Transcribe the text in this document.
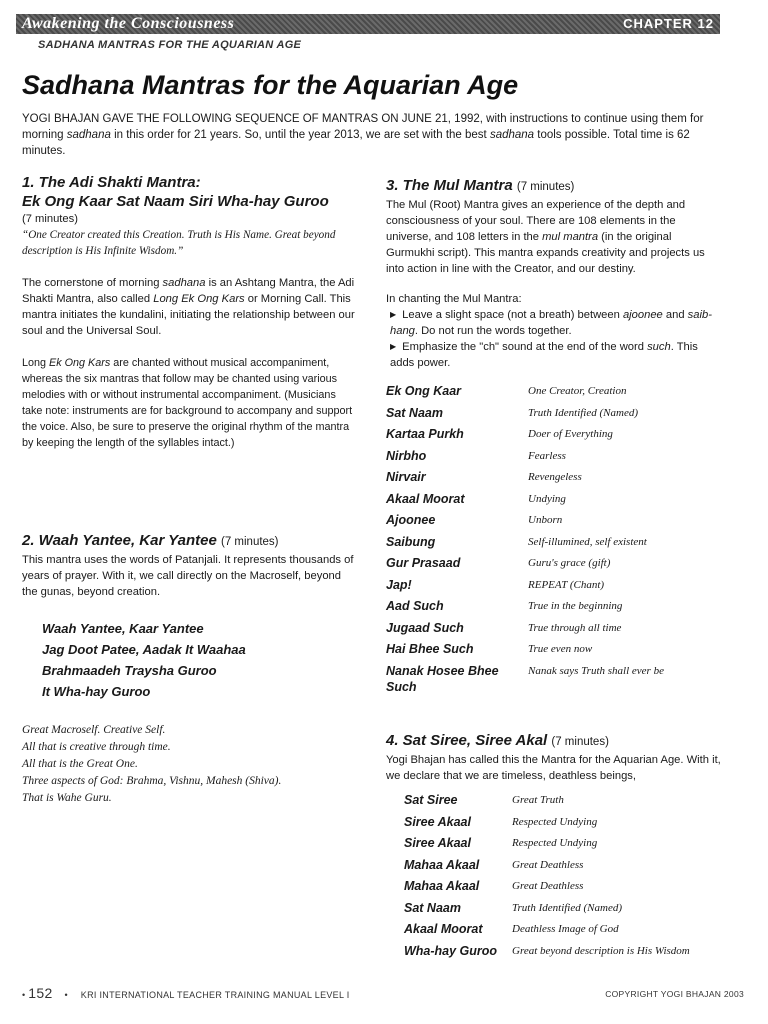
Awakening the Consciousness	CHAPTER 12
SADHANA MANTRAS FOR THE AQUARIAN AGE
Sadhana Mantras for the Aquarian Age
YOGI BHAJAN GAVE THE FOLLOWING SEQUENCE OF MANTRAS ON JUNE 21, 1992, with instructions to continue using them for morning sadhana in this order for 21 years. So, until the year 2013, we are set with the best sadhana tools possible. Total time is 62 minutes.
1. The Adi Shakti Mantra:
Ek Ong Kaar Sat Naam Siri Wha-hay Guroo

(7 minutes)

“One Creator created this Creation. Truth is His Name. Great beyond description is His Infinite Wisdom.”

The cornerstone of morning sadhana is an Ashtang Mantra, the Adi Shakti Mantra, also called Long Ek Ong Kars or Morning Call. This mantra initiates the kundalini, initiating the relationship between our soul and the Universal Soul.

Long Ek Ong Kars are chanted without musical accompaniment, whereas the six mantras that follow may be chanted using various melodies with or without instrumental accompaniment. (Musicians take note: instruments are for background to accompany and support the voice. Also, be sure to preserve the original rhythm of the mantra by keeping the length of the syllables intact.)

2. Waah Yantee, Kar Yantee (7 minutes)

This mantra uses the words of Patanjali. It represents thousands of years of prayer. With it, we call directly on the Macroself, beyond the gunas, beyond creation.

Waah Yantee, Kaar Yantee
Jag Doot Patee, Aadak It Waahaa
Brahmaadeh Traysha Guroo
It Wha-hay Guroo
Great Macroself. Creative Self.
All that is creative through time.
All that is the Great One.
Three aspects of God: Brahma, Vishnu, Mahesh (Shiva).
That is Wahe Guru.
3. The Mul Mantra (7 minutes)

The Mul (Root) Mantra gives an experience of the depth and consciousness of your soul. There are 108 elements in the universe, and 108 letters in the mul mantra (in the original Gurmukhi script). This mantra expands creativity and projects us into action in line with the Creator, and our destiny.

In chanting the Mul Mantra:

▶ Leave a slight space (not a breath) between ajoonee and saib-hang. Do not run the words together.

▶ Emphasize the "ch" sound at the end of the word such. This adds power.

Ek Ong Kaar	One Creator, Creation
Sat Naam	Truth Identified (Named)
Kartaa Purkh	Doer of Everything
Nirbho	Fearless
Nirvair	Revengeless
Akaal Moorat	Undying
Ajoonee	Unborn
Saibung	Self-illumined, self existent
Gur Prasaad	Guru's grace (gift)
Jap!	REPEAT (Chant)
Aad Such	True in the beginning
Jugaad Such	True through all time
Hai Bhee Such	True even now
Nanak Hosee Bhee Such	Nanak says Truth shall ever be
4. Sat Siree, Siree Akal (7 minutes)

Yogi Bhajan has called this the Mantra for the Aquarian Age. With it, we declare that we are timeless, deathless beings,

Sat Siree	Great Truth
Siree Akaal	Respected Undying
Siree Akaal	Respected Undying
Mahaa Akaal	Great Deathless
Mahaa Akaal	Great Deathless
Sat Naam	Truth Identified (Named)
Akaal Moorat	Deathless Image of God
Wha-hay Guroo	Great beyond description is His Wisdom
• 152 • KRI INTERNATIONAL TEACHER TRAINING MANUAL LEVEL I	COPYRIGHT YOGI BHAJAN 2003
